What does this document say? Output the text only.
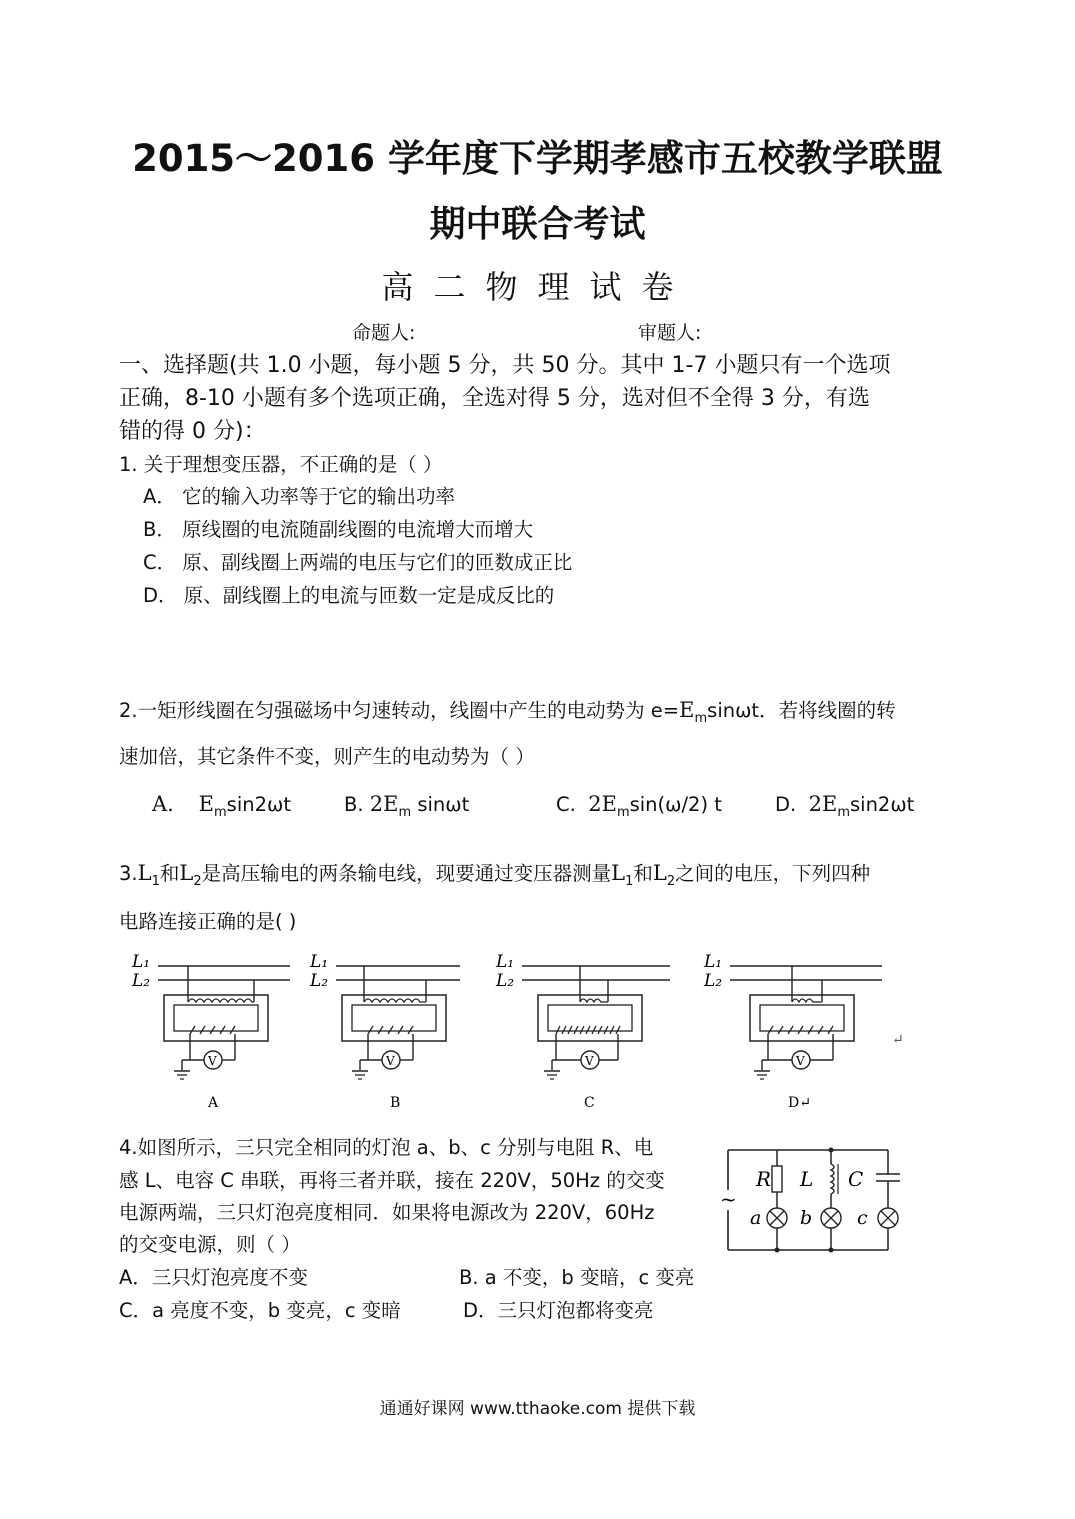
2015～2016 学年度下学期孝感市五校教学联盟
期中联合考试
高二物理试卷
命题人:	审题人:
一、选择题(共 1.0 小题，每小题 5 分，共 50 分。其中 1-7 小题只有一个选项
正确，8-10 小题有多个选项正确，全选对得 5 分，选对但不全得 3 分，有选
错的得 0 分)：
1. 关于理想变压器，不正确的是（ ）
A． 它的输入功率等于它的输出功率
B． 原线圈的电流随副线圈的电流增大而增大
C． 原、副线圈上两端的电压与它们的匝数成正比
D． 原、副线圈上的电流与匝数一定是成反比的
2.一矩形线圈在匀强磁场中匀速转动，线圈中产生的电动势为 $e=E_m\sin\omega t$．若将线圈的转
速加倍，其它条件不变，则产生的电动势为（ ）
A. $E_m\sin 2\omega t$	B. $2E_m$ sinωt	C. $2E_m\sin(\omega/2)$ t	D. $2E_m\sin 2\omega t$
$3.L_1$和$L_2$是高压输电的两条输电线，现要通过变压器测量$L_1$和$L_2$之间的电压，下列四种
电路连接正确的是( )
L₁
L₂
V
A
L₁
L₂
V
B
L₁
L₂
V
C
L₁
L₂
V
D↵
↵
4.如图所示，三只完全相同的灯泡 a、b、c 分别与电阻 R、电
感 L、电容 C 串联，再将三者并联，接在 220V，50Hz 的交变
电源两端，三只灯泡亮度相同．如果将电源改为 220V，60Hz
的交变电源，则（ ）
A．三只灯泡亮度不变	B. a 不变，b 变暗，c 变亮
C．a 亮度不变，b 变亮，c 变暗	D．三只灯泡都将变亮
~
R
a
L
b
C
c
通通好课网 www.tthaoke.com 提供下载
